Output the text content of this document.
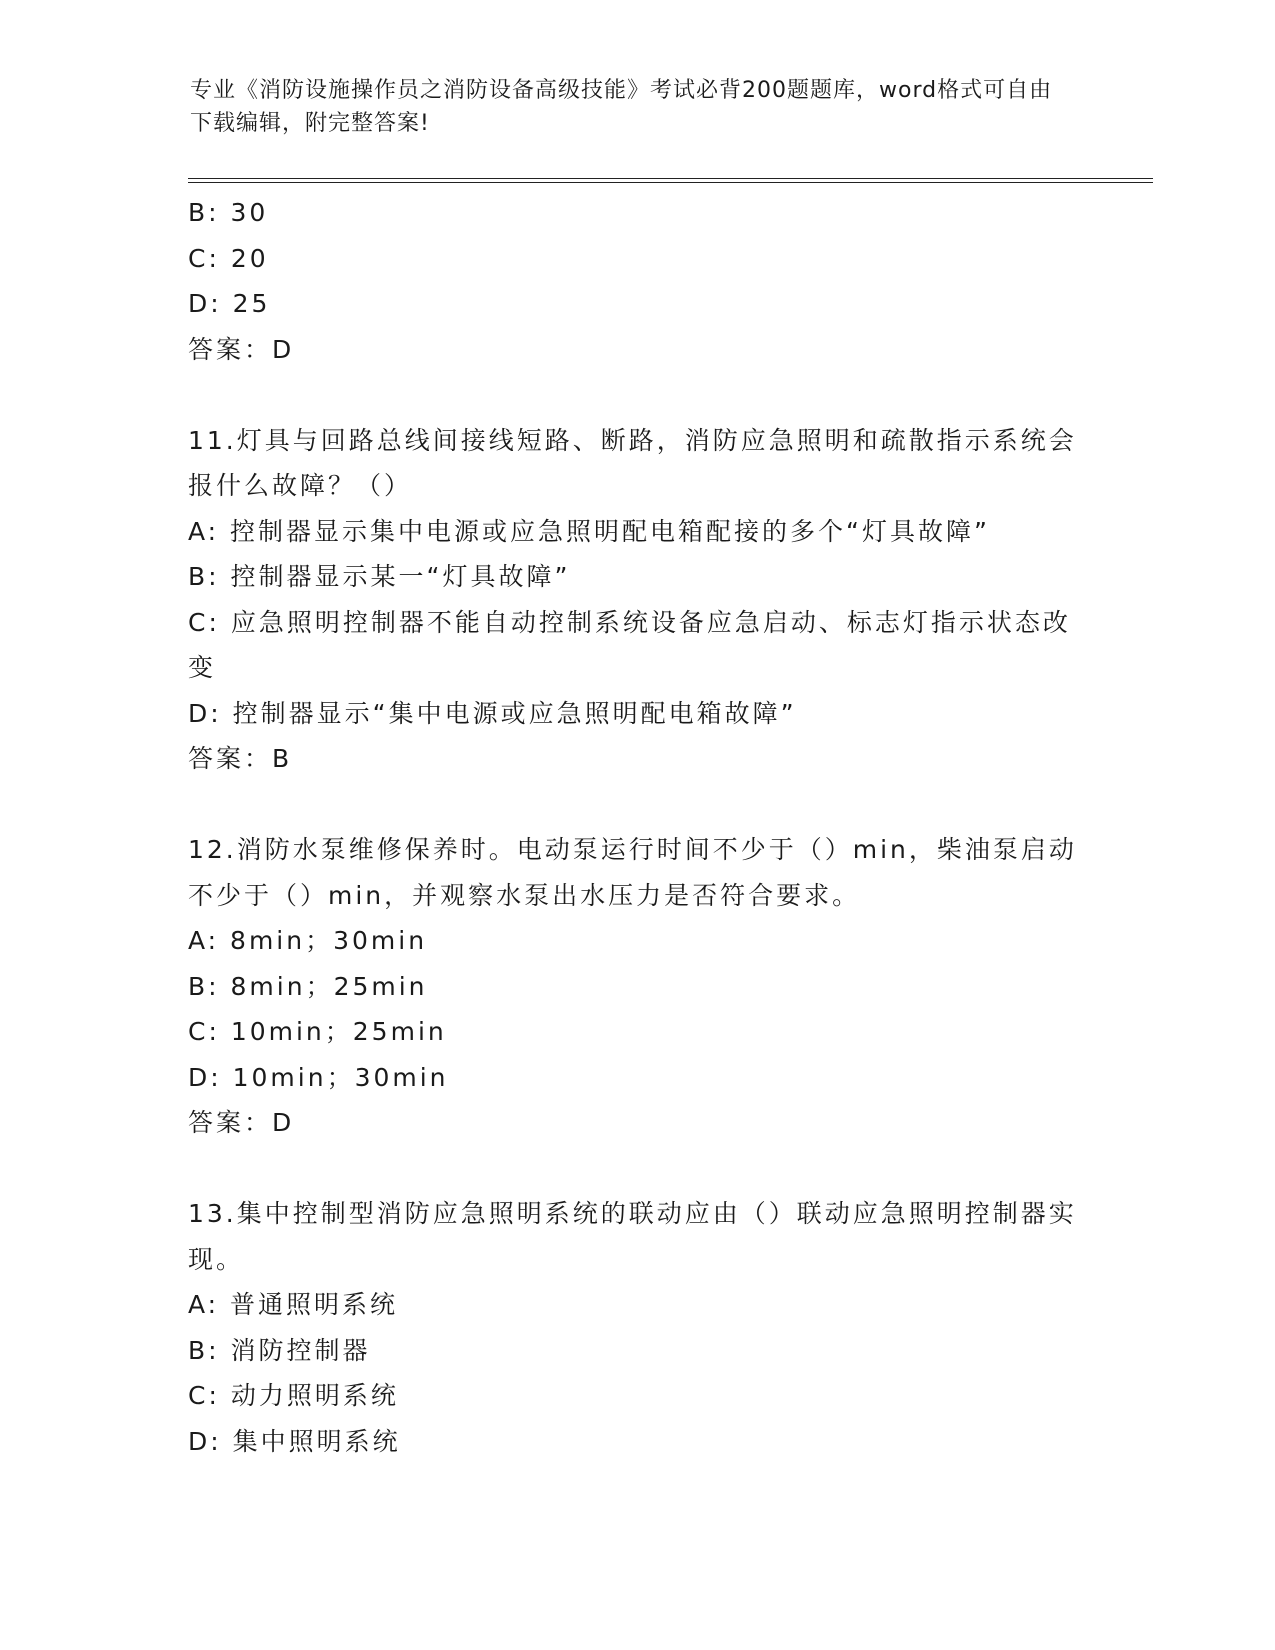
专业《消防设施操作员之消防设备高级技能》考试必背200题题库，word格式可自由下载编辑，附完整答案!
B: 30
C: 20
D: 25
答案：D
11.灯具与回路总线间接线短路、断路，消防应急照明和疏散指示系统会报什么故障？（）
A: 控制器显示集中电源或应急照明配电箱配接的多个“灯具故障”
B: 控制器显示某一“灯具故障”
C: 应急照明控制器不能自动控制系统设备应急启动、标志灯指示状态改变
D: 控制器显示“集中电源或应急照明配电箱故障”
答案：B
12.消防水泵维修保养时。电动泵运行时间不少于（）min，柴油泵启动不少于（）min，并观察水泵出水压力是否符合要求。
A: 8min；30min
B: 8min；25min
C: 10min；25min
D: 10min；30min
答案：D
13.集中控制型消防应急照明系统的联动应由（）联动应急照明控制器实现。
A: 普通照明系统
B: 消防控制器
C: 动力照明系统
D: 集中照明系统
